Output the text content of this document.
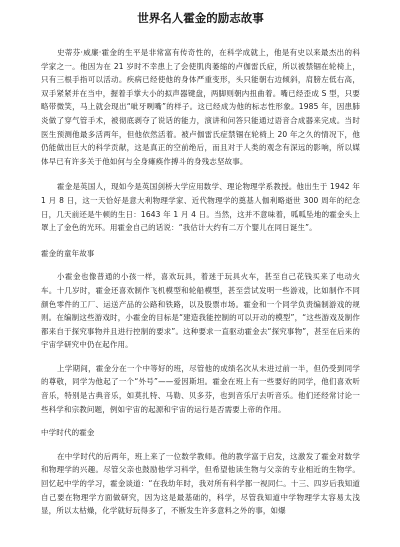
世界名人霍金的励志故事

史蒂芬·威廉·霍金的生平是非常富有传奇性的，在科学成就上，他是有史以来最杰出的科学家之一。他因为在 21 岁时不幸患上了会使肌肉萎缩的卢伽雷氏症，所以被禁锢在轮椅上，只有三根手指可以活动。疾病已经使他的身体严重变形，头只能朝右边倾斜，肩膀左低右高，双手紧紧并在当中，握着手掌大小的拟声器键盘，两脚则朝内扭曲着。嘴已经歪成 S 型，只要略带微笑，马上就会现出“呲牙咧嘴”的样子。这已经成为他的标志性形象。1985 年，因患肺炎做了穿气管手术，被彻底剥夺了说话的能力，演讲和问答只能通过语音合成器来完成。当时医生预测他最多活两年，但他依然活着。被卢伽雷氏症禁锢在轮椅上 20 年之久的情况下，他仍能做出巨大的科学贡献，这是真正的空前绝后，而且对于人类的观念有深远的影响，所以媒体早已有许多关于他如何与全身瘫痪作搏斗的身残志坚故事。

霍金是英国人，现如今是英国剑桥大学应用数学、理论物理学系教授。他出生于 1942 年 1 月 8 日，这一天恰好是意大利物理学家、近代物理学的奠基人伽利略逝世 300 周年的纪念日，几天前还是牛顿的生日：1643 年 1 月 4 日。当然，这并不意味着，呱呱坠地的霍金头上罩上了金色的光环。用霍金自己的话说：“我估计大约有二万个婴儿在同日诞生”。

霍金的童年故事

小霍金也像普通的小孩一样，喜欢玩具，着迷于玩具火车，甚至自己花钱买来了电动火车。十几岁时，霍金还喜欢制作飞机模型和轮船模型，甚至尝试发明一些游戏，比如制作不同颜色零件的工厂、运送产品的公路和铁路，以及股票市场。霍金和一个同学负责编制游戏的规则。在编制这些游戏时，小霍金的目标是“建造我能控制的可以开动的模型”，“这些游戏及制作都来自于探究事物并且进行控制的要求”。这种要求一直驱动霍金去“探究事物”，甚至在后来的宇宙学研究中仍在起作用。

上学期间，霍金分在一个中等好的班，尽管他的成绩名次从未进过前一半，但仍受到同学的尊敬，同学为他起了一个“外号”——爱因斯坦。霍金在班上有一些要好的同学，他们喜欢听音乐，特别是古典音乐，如莫扎特、马勒、贝多芬，也到音乐厅去听音乐。他们还经常讨论一些科学和宗教问题，例如宇宙的起源和宇宙的运行是否需要上帝的作用。

中学时代的霍金

在中学时代的后两年，班上来了一位数学教师。他的教学富于启发，这激发了霍金对数学和物理学的兴趣。尽管父亲也鼓励他学习科学，但希望他读生物与父亲的专业相近的生物学。回忆起中学的学习，霍金谈道：“在我幼年时，我对所有科学都一视同仁。十三、四岁后我知道自己要在物理学方面做研究，因为这是最基础的，科学，尽管我知道中学物理学太容易太浅显，所以太枯燥，化学就好玩得多了，不断发生许多意料之外的事，如爆
